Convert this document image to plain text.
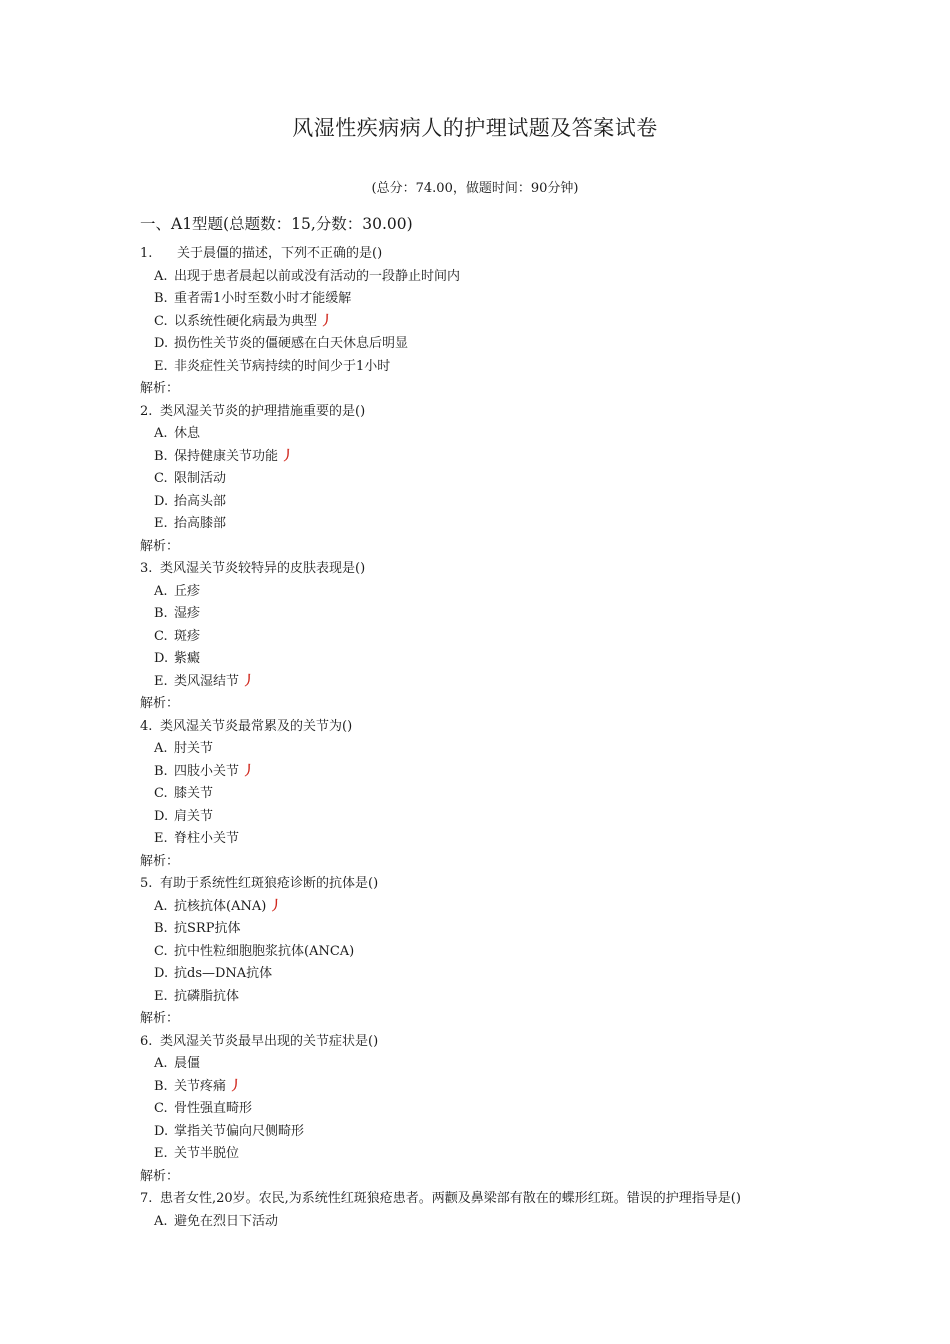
风湿性疾病病人的护理试题及答案试卷
(总分：74.00，做题时间：90分钟)
一、A1型题(总题数：15,分数：30.00)
1. 关于晨僵的描述，下列不正确的是()
A. 出现于患者晨起以前或没有活动的一段静止时间内
B. 重者需1小时至数小时才能缓解
C. 以系统性硬化病最为典型 丿
D. 损伤性关节炎的僵硬感在白天休息后明显
E. 非炎症性关节病持续的时间少于1小时
解析：
2. 类风湿关节炎的护理措施重要的是()
A. 休息
B. 保持健康关节功能 丿
C. 限制活动
D. 抬高头部
E. 抬高膝部
解析：
3. 类风湿关节炎较特异的皮肤表现是()
A. 丘疹
B. 湿疹
C. 斑疹
D. 紫癜
E. 类风湿结节 丿
解析：
4. 类风湿关节炎最常累及的关节为()
A. 肘关节
B. 四肢小关节 丿
C. 膝关节
D. 肩关节
E. 脊柱小关节
解析：
5. 有助于系统性红斑狼疮诊断的抗体是()
A. 抗核抗体(ANA) 丿
B. 抗SRP抗体
C. 抗中性粒细胞胞浆抗体(ANCA)
D. 抗ds—DNA抗体
E. 抗磷脂抗体
解析：
6. 类风湿关节炎最早出现的关节症状是()
A. 晨僵
B. 关节疼痛 丿
C. 骨性强直畸形
D. 掌指关节偏向尺侧畸形
E. 关节半脱位
解析：
7. 患者女性,20岁。农民,为系统性红斑狼疮患者。两颧及鼻梁部有散在的蝶形红斑。错误的护理指导是()
A. 避免在烈日下活动
